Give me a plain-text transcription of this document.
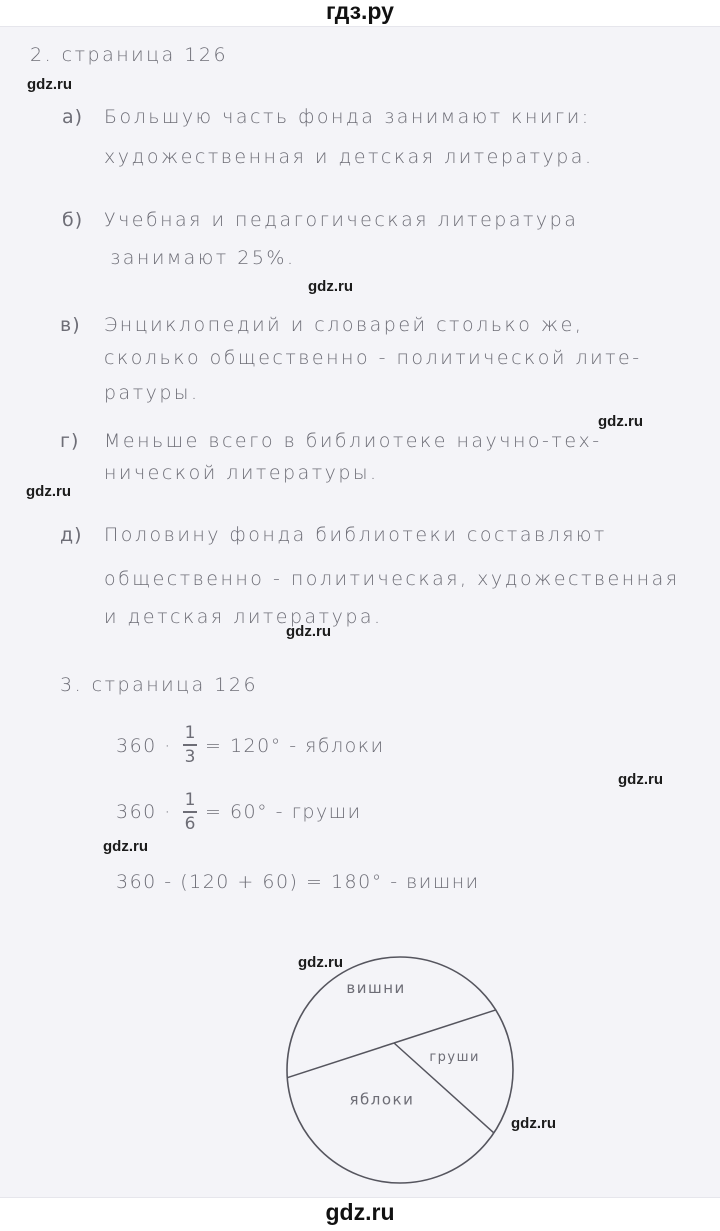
гдз.ру
gdz.ru
gdz.ru
gdz.ru
gdz.ru
gdz.ru
gdz.ru
gdz.ru
gdz.ru
gdz.ru
gdz.ru
2. страница 126
а) Большую часть фонда занимают книги:
художественная и детская литература.
б) Учебная и педагогическая литература
занимают 25%.
в) Энциклопедий и словарей столько же,
сколько общественно - политической лите-
ратуры.
г) Меньше всего в библиотеке научно-тех-
нической литературы.
д) Половину фонда библиотеки составляют
общественно - политическая, художественная
и детская литература.
3. страница 126
360 ·
1
3 = 120° - яблоки
360 ·
1
6
= 60° - груши
360 - (120 + 60) = 180° - вишни
вишни
груши
яблоки
